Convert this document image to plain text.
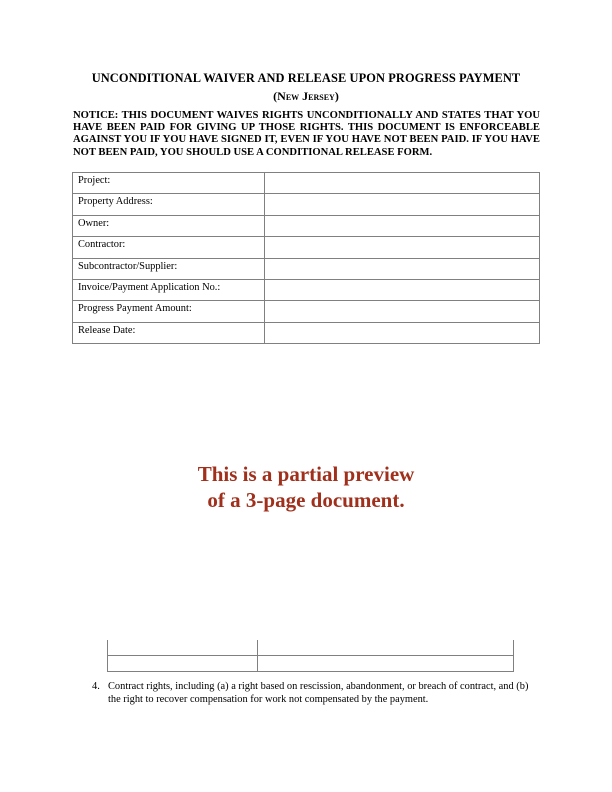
UNCONDITIONAL WAIVER AND RELEASE UPON PROGRESS PAYMENT
(New Jersey)
NOTICE: THIS DOCUMENT WAIVES RIGHTS UNCONDITIONALLY AND STATES THAT YOU HAVE BEEN PAID FOR GIVING UP THOSE RIGHTS. THIS DOCUMENT IS ENFORCEABLE AGAINST YOU IF YOU HAVE SIGNED IT, EVEN IF YOU HAVE NOT BEEN PAID. IF YOU HAVE NOT BEEN PAID, YOU SHOULD USE A CONDITIONAL RELEASE FORM.
Project:	
Property Address:	
Owner:	
Contractor:	
Subcontractor/Supplier:	
Invoice/Payment Application No.:	
Progress Payment Amount:	
Release Date:	
This is a partial preview
of a 3-page document.

4. Contract rights, including (a) a right based on rescission, abandonment, or breach of contract, and (b) the right to recover compensation for work not compensated by the payment.
